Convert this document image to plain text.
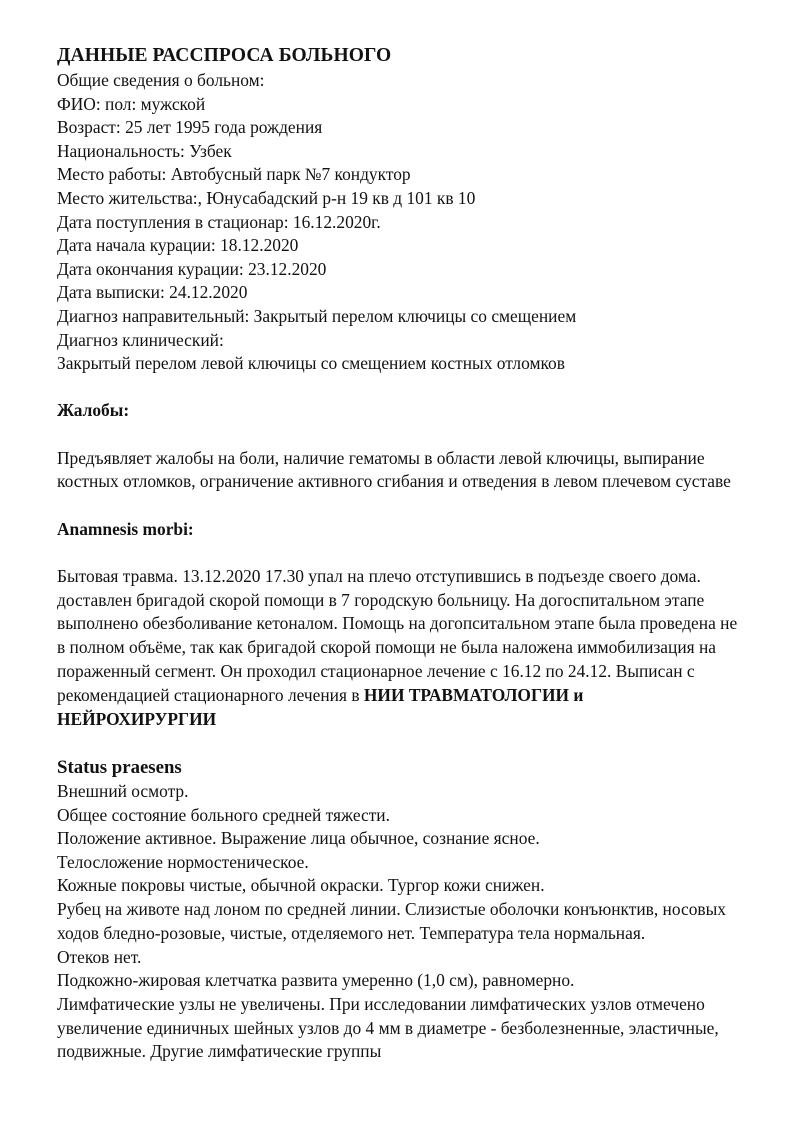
ДАННЫЕ РАССПРОСА БОЛЬНОГО

Общие сведения о больном:

ФИО: пол: мужской

Возраст: 25 лет 1995 года рождения

Национальность: Узбек

Место работы: Автобусный парк №7 кондуктор

Место жительства:, Юнусабадский р-н 19 кв д 101 кв 10

Дата поступления в стационар: 16.12.2020г.

Дата начала курации: 18.12.2020

Дата окончания курации: 23.12.2020

Дата выписки: 24.12.2020

Диагноз направительный: Закрытый перелом ключицы со смещением

Диагноз клинический:

Закрытый перелом левой ключицы со смещением костных отломков

Жалобы:

Предъявляет жалобы на боли, наличие гематомы в области левой ключицы, выпирание костных отломков, ограничение активного сгибания и отведения в левом плечевом суставе

Anamnesis morbi:

Бытовая травма. 13.12.2020 17.30 упал на плечо отступившись в подъезде своего дома. доставлен бригадой скорой помощи в 7 городскую больницу. На догоспитальном этапе выполнено обезболивание кетоналом. Помощь на догопситальном этапе была проведена не в полном объёме, так как бригадой скорой помощи не была наложена иммобилизация на пораженный сегмент. Он проходил стационарное лечение с 16.12 по 24.12. Выписан с рекомендацией стационарного лечения в НИИ ТРАВМАТОЛОГИИ и НЕЙРОХИРУРГИИ

Status praesens

Внешний осмотр.

Общее состояние больного средней тяжести.

Положение активное. Выражение лица обычное, сознание ясное.

Телосложение нормостеническое.

Кожные покровы чистые, обычной окраски. Тургор кожи снижен.

Рубец на животе над лоном по средней линии. Слизистые оболочки конъюнктив, носовых ходов бледно-розовые, чистые, отделяемого нет. Температура тела нормальная.

Отеков нет.

Подкожно-жировая клетчатка развита умеренно (1,0 см), равномерно.

Лимфатические узлы не увеличены. При исследовании лимфатических узлов отмечено увеличение единичных шейных узлов до 4 мм в диаметре - безболезненные, эластичные, подвижные. Другие лимфатические группы
